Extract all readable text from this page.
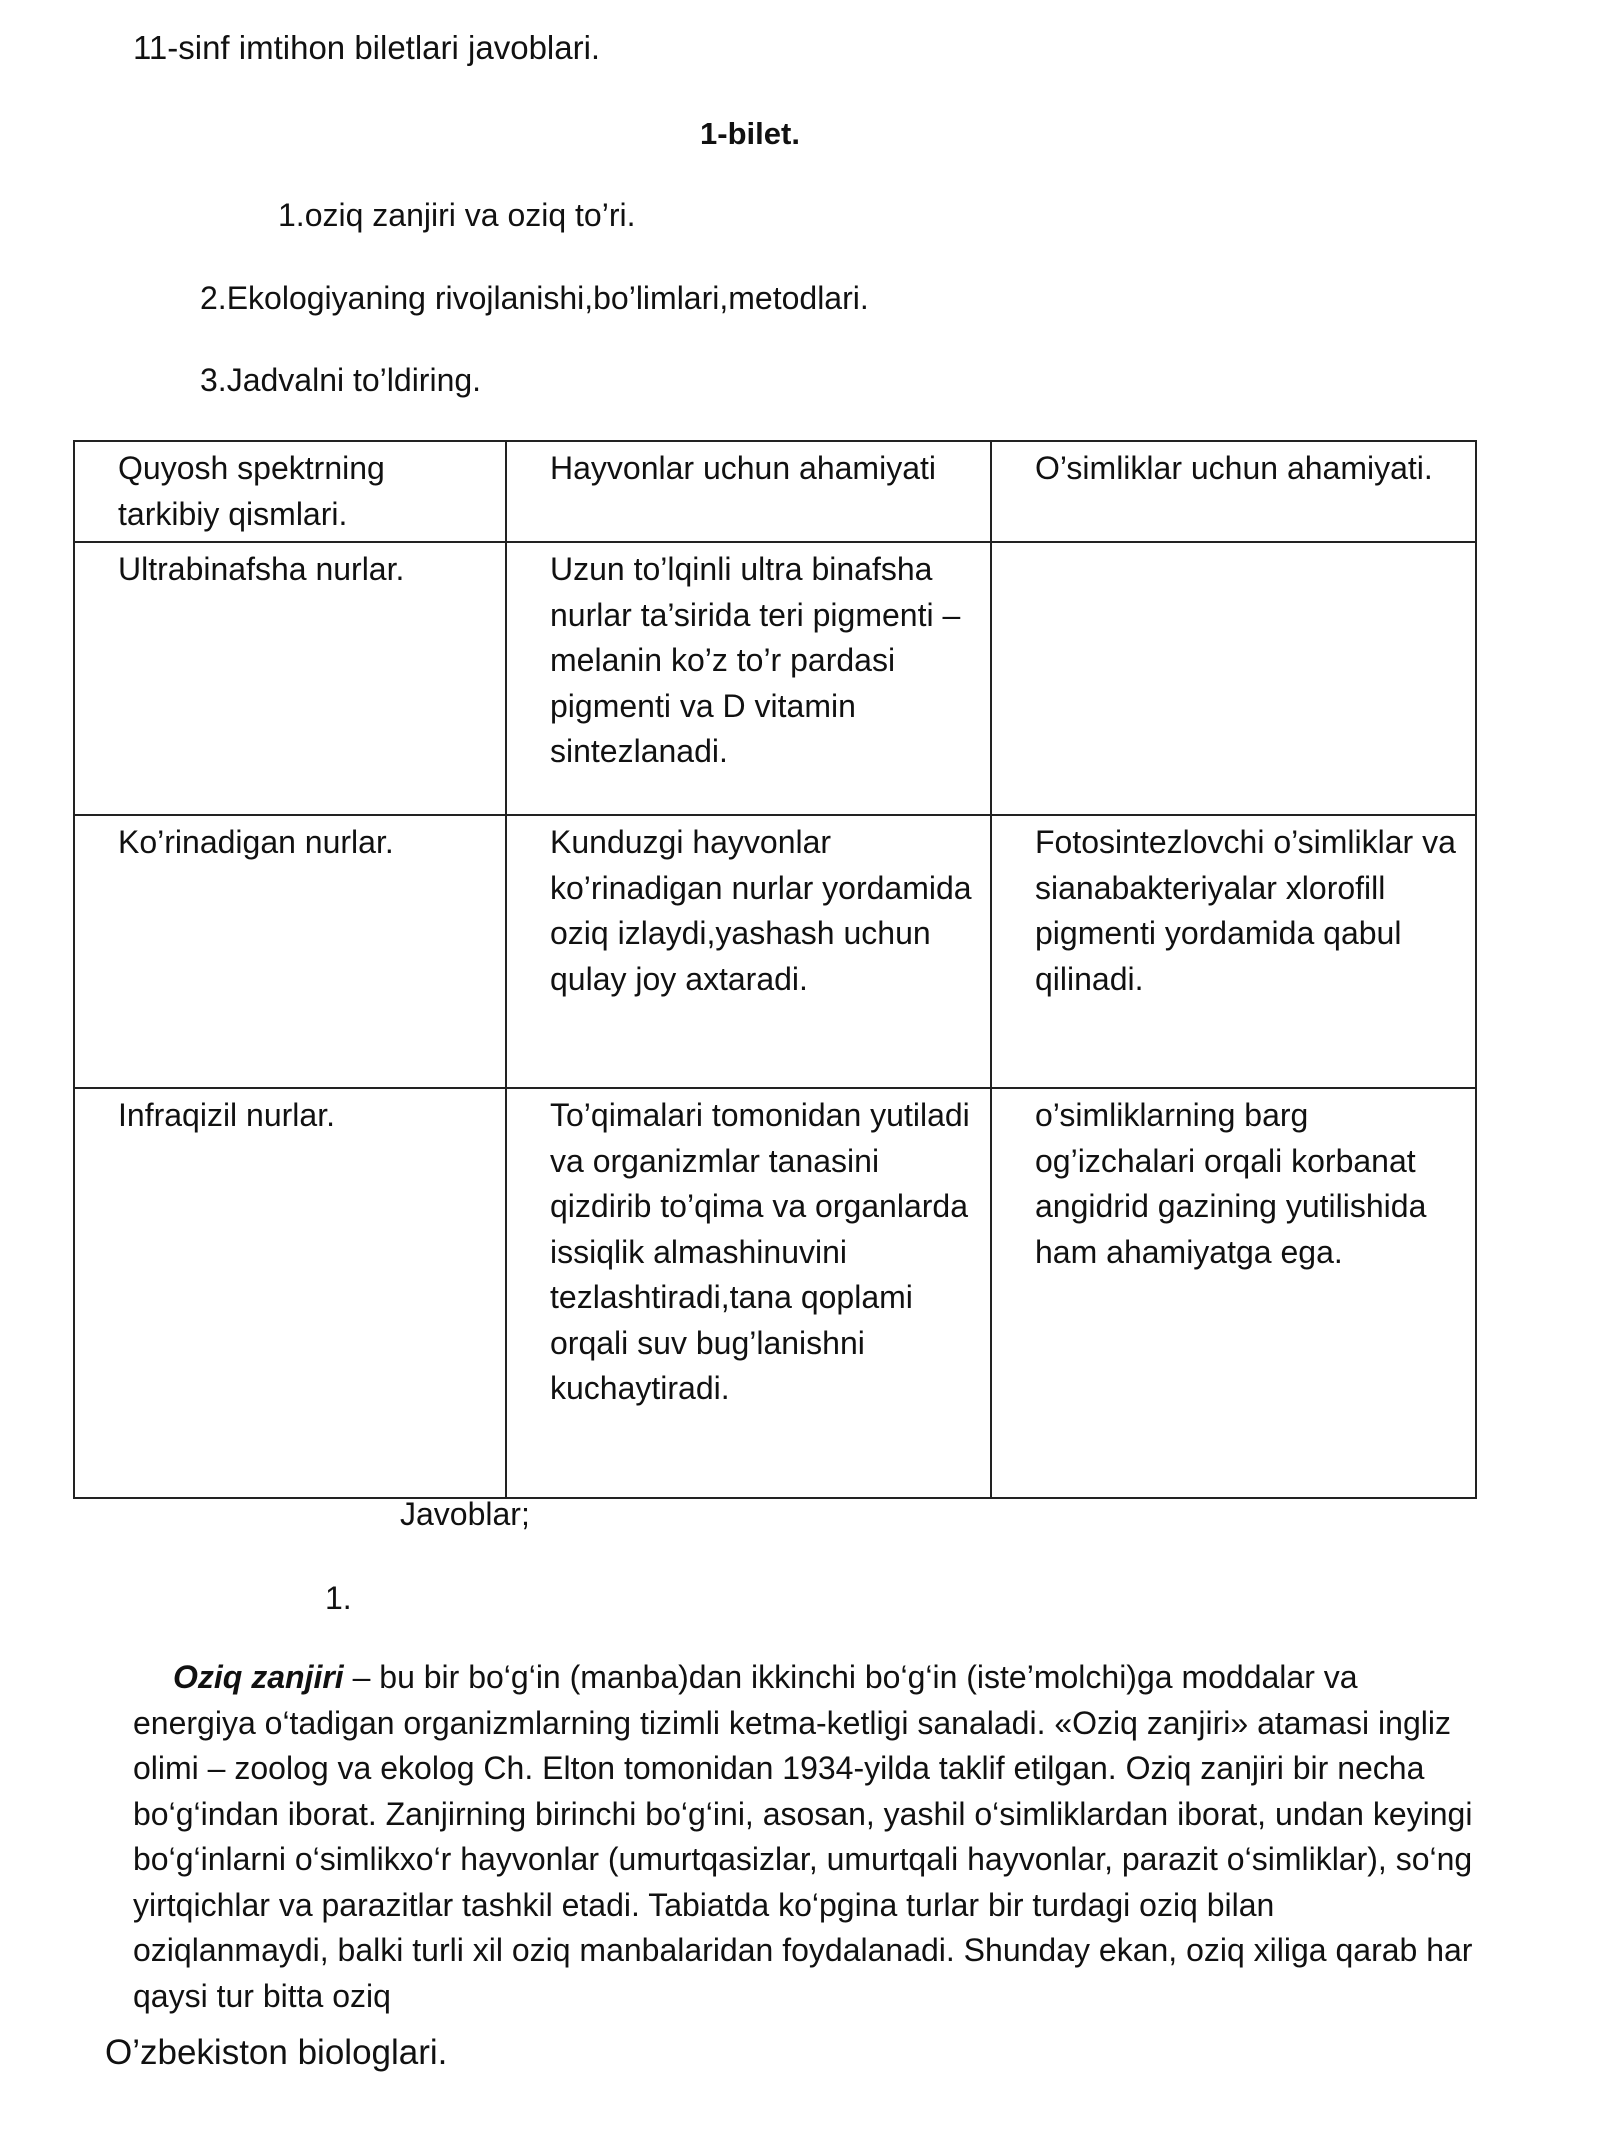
11-sinf imtihon biletlari javoblari.

1-bilet.

1.oziq zanjiri va oziq to’ri.

2.Ekologiyaning rivojlanishi,bo’limlari,metodlari.

3.Jadvalni to’ldiring.

Quyosh spektrning tarkibiy qismlari.	Hayvonlar uchun ahamiyati	O’simliklar uchun ahamiyati.
Ultrabinafsha nurlar.	Uzun to’lqinli ultra binafsha nurlar ta’sirida teri pigmenti –melanin ko’z to’r pardasi pigmenti va D vitamin sintezlanadi.	
Ko’rinadigan nurlar.	Kunduzgi hayvonlar ko’rinadigan nurlar yordamida oziq izlaydi,yashash uchun qulay joy axtaradi.	Fotosintezlovchi o’simliklar va sianabakteriyalar xlorofill pigmenti yordamida qabul qilinadi.
Infraqizil nurlar.	To’qimalari tomonidan yutiladi va organizmlar tanasini qizdirib to’qima va organlarda issiqlik almashinuvini tezlashtiradi,tana qoplami orqali suv bug’lanishni kuchaytiradi.	o’simliklarning barg og’izchalari orqali korbanat angidrid gazining yutilishida ham ahamiyatga ega.

Javoblar;

1.

Oziq zanjiri – bu bir bo‘g‘in (manba)dan ikkinchi bo‘g‘in (iste’molchi)ga moddalar va energiya o‘tadigan organizmlarning tizimli ketma-ketligi sanaladi. «Oziq zanjiri» atamasi ingliz olimi – zoolog va ekolog Ch. Elton tomonidan 1934-yilda taklif etilgan. Oziq zanjiri bir necha bo‘g‘indan iborat. Zanjirning birinchi bo‘g‘ini, asosan, yashil o‘simliklardan iborat, undan keyingi bo‘g‘inlarni o‘simlikxo‘r hayvonlar (umurtqasizlar, umurtqali hayvonlar, parazit o‘simliklar), so‘ng yirtqichlar va parazitlar tashkil etadi. Tabiatda ko‘pgina turlar bir turdagi oziq bilan oziqlanmaydi, balki turli xil oziq manbalaridan foydalanadi. Shunday ekan, oziq xiliga qarab har qaysi tur bitta oziq

O’zbekiston biologlari.
